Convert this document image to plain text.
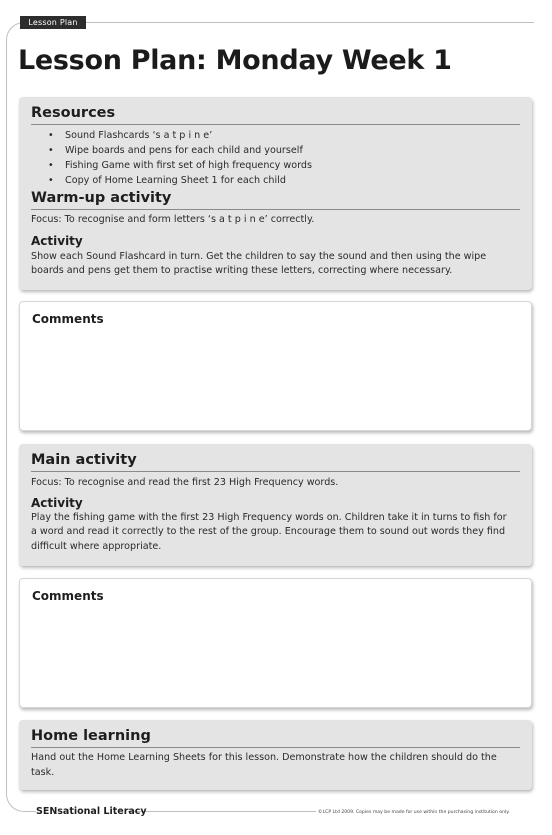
Lesson Plan
Lesson Plan: Monday Week 1
Resources
• Sound Flashcards ‘s a t p i n e’
• Wipe boards and pens for each child and yourself
• Fishing Game with first set of high frequency words
• Copy of Home Learning Sheet 1 for each child
Warm-up activity
Focus: To recognise and form letters ‘s a t p i n e’ correctly.
Activity
Show each Sound Flashcard in turn. Get the children to say the sound and then using the wipe
boards and pens get them to practise writing these letters, correcting where necessary.
Comments
Main activity
Focus: To recognise and read the first 23 High Frequency words.
Activity
Play the fishing game with the first 23 High Frequency words on. Children take it in turns to fish for
a word and read it correctly to the rest of the group. Encourage them to sound out words they find
difficult where appropriate.
Comments
Home learning
Hand out the Home Learning Sheets for this lesson. Demonstrate how the children should do the
task.
SENsational Literacy	©LCP Ltd 2009. Copies may be made for use within the purchasing institution only.
